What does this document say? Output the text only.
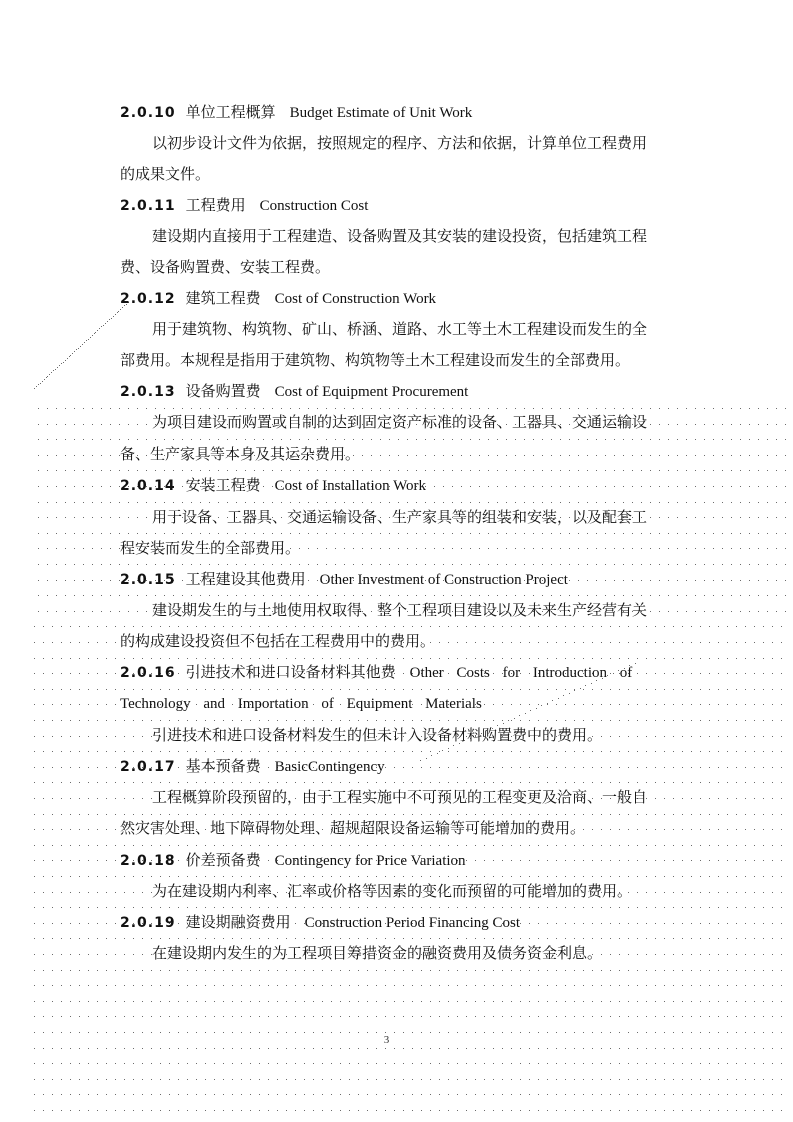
2.0.10 单位工程概算 Budget Estimate of Unit Work
以初步设计文件为依据，按照规定的程序、方法和依据，计算单位工程费用
的成果文件。
2.0.11 工程费用 Construction Cost
建设期内直接用于工程建造、设备购置及其安装的建设投资，包括建筑工程
费、设备购置费、安装工程费。
2.0.12 建筑工程费 Cost of Construction Work
用于建筑物、构筑物、矿山、桥涵、道路、水工等土木工程建设而发生的全
部费用。本规程是指用于建筑物、构筑物等土木工程建设而发生的全部费用。
2.0.13 设备购置费 Cost of Equipment Procurement
为项目建设而购置或自制的达到固定资产标准的设备、工器具、交通运输设
备、生产家具等本身及其运杂费用。
2.0.14 安装工程费 Cost of Installation Work
用于设备、工器具、交通运输设备、生产家具等的组装和安装，以及配套工
程安装而发生的全部费用。
2.0.15 工程建设其他费用 Other Investment of Construction Project
建设期发生的与土地使用权取得、整个工程项目建设以及未来生产经营有关
的构成建设投资但不包括在工程费用中的费用。
2.0.16 引进技术和进口设备材料其他费 Other Costs for Introduction of
Technology and Importation of Equipment Materials
引进技术和进口设备材料发生的但未计入设备材料购置费中的费用。
2.0.17 基本预备费 BasicContingency
工程概算阶段预留的，由于工程实施中不可预见的工程变更及洽商、一般自
然灾害处理、地下障碍物处理、超规超限设备运输等可能增加的费用。
2.0.18 价差预备费 Contingency for Price Variation
为在建设期内利率、汇率或价格等因素的变化而预留的可能增加的费用。
2.0.19 建设期融资费用 Construction Period Financing Cost
在建设期内发生的为工程项目筹措资金的融资费用及债务资金利息。
3
